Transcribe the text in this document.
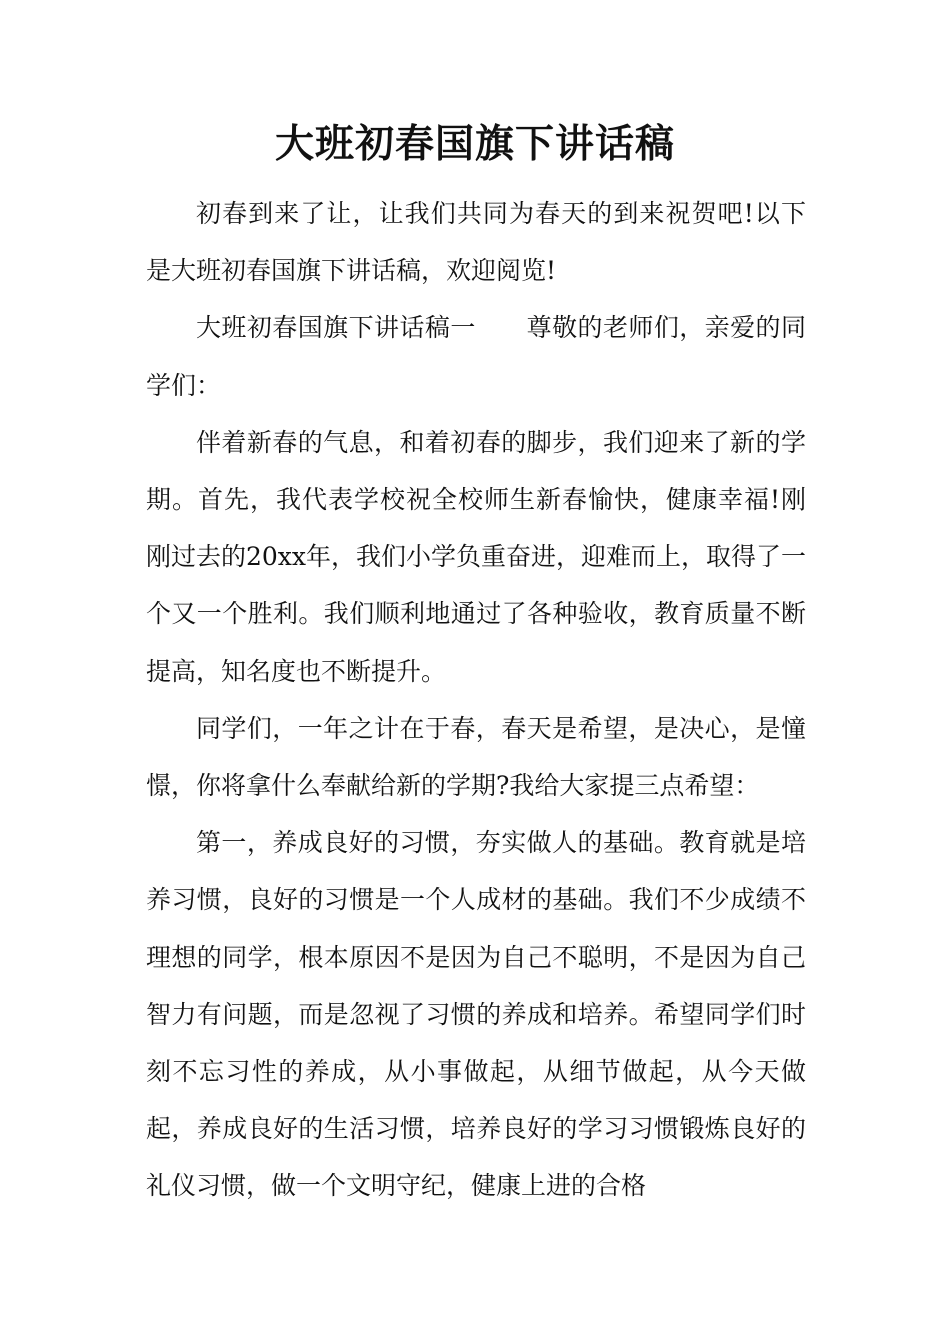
大班初春国旗下讲话稿

初春到来了让，让我们共同为春天的到来祝贺吧!以下是大班初春国旗下讲话稿，欢迎阅览!

大班初春国旗下讲话稿一　　尊敬的老师们，亲爱的同学们：

伴着新春的气息，和着初春的脚步，我们迎来了新的学期。首先，我代表学校祝全校师生新春愉快，健康幸福!刚刚过去的20xx年，我们小学负重奋进，迎难而上，取得了一个又一个胜利。我们顺利地通过了各种验收，教育质量不断提高，知名度也不断提升。

同学们，一年之计在于春，春天是希望，是决心，是憧憬，你将拿什么奉献给新的学期?我给大家提三点希望：

第一，养成良好的习惯，夯实做人的基础。教育就是培养习惯，良好的习惯是一个人成材的基础。我们不少成绩不理想的同学，根本原因不是因为自己不聪明，不是因为自己智力有问题，而是忽视了习惯的养成和培养。希望同学们时刻不忘习性的养成，从小事做起，从细节做起，从今天做起，养成良好的生活习惯，培养良好的学习习惯锻炼良好的礼仪习惯，做一个文明守纪，健康上进的合格
